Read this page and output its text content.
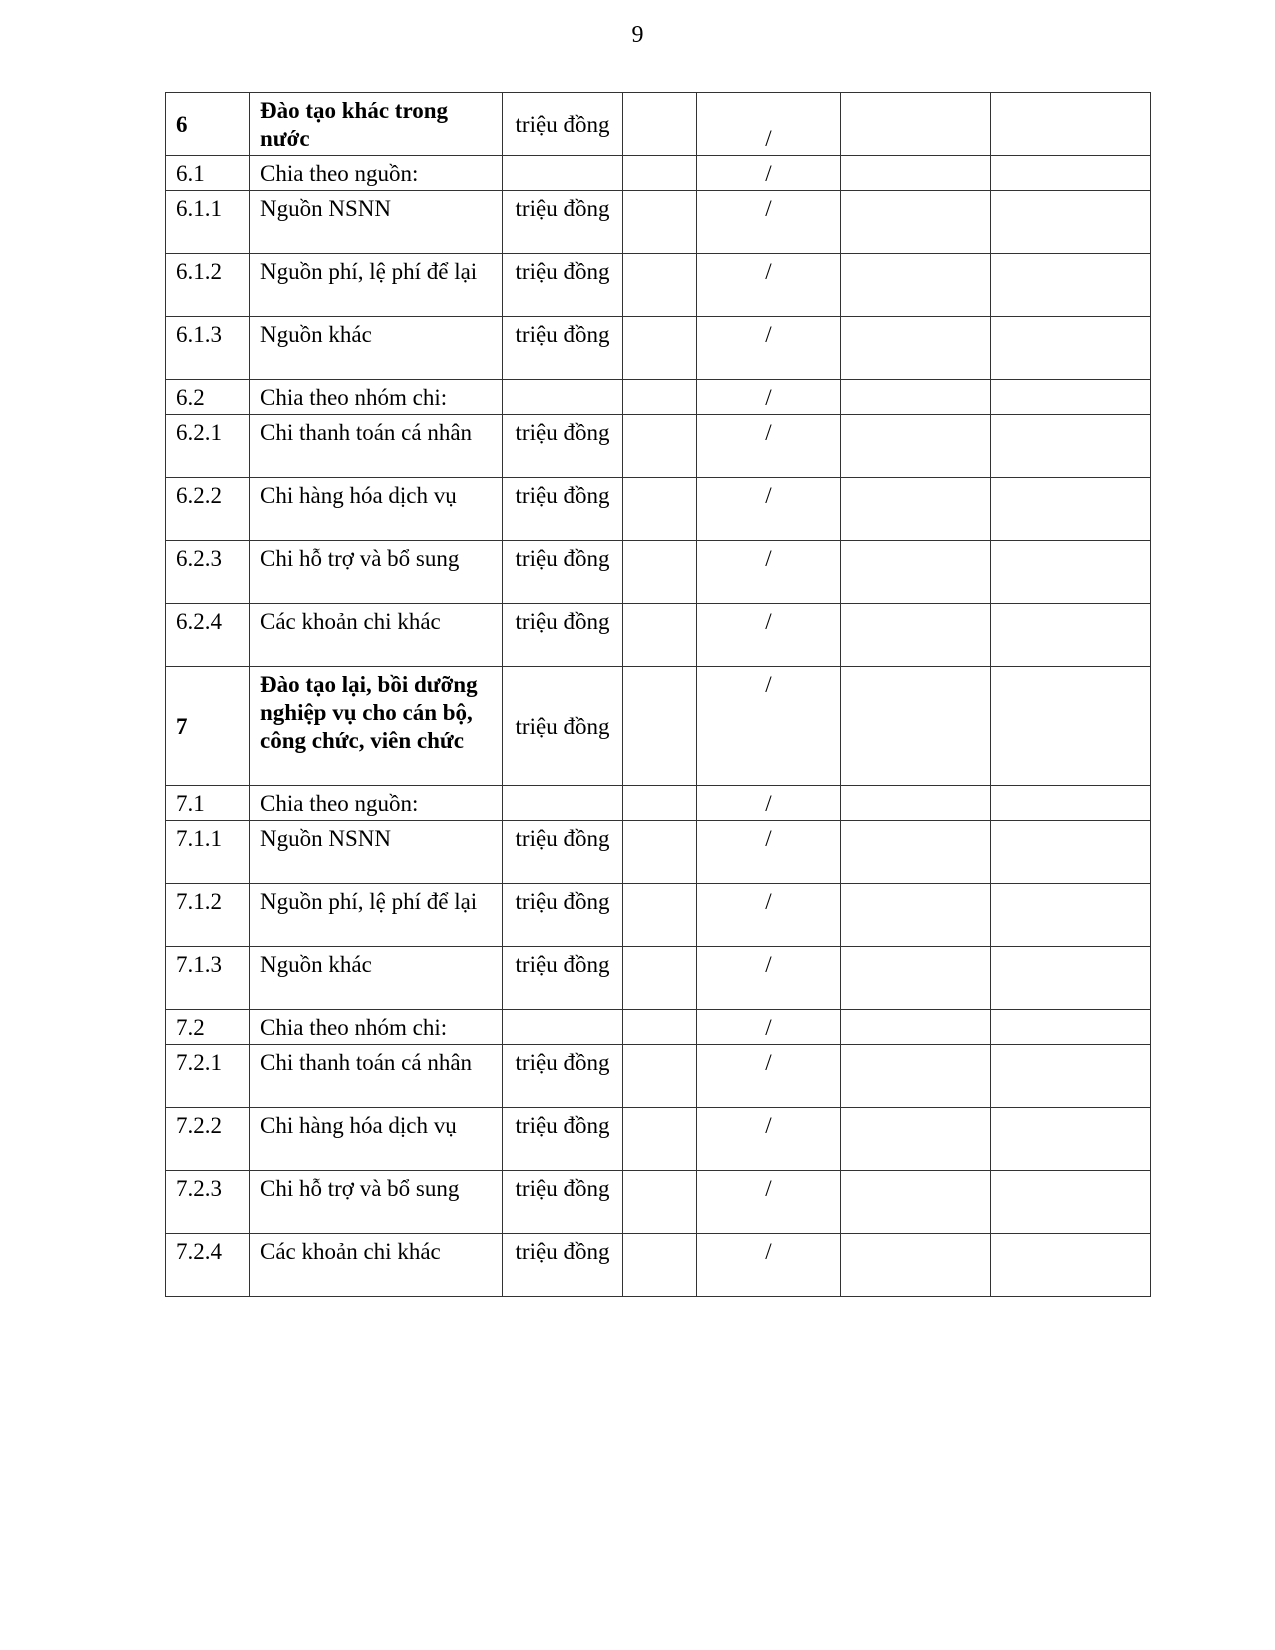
9
6	Đào tạo khác trong nước	triệu đồng		/		
6.1	Chia theo nguồn:			/		
6.1.1	Nguồn NSNN	triệu đồng		/		
6.1.2	Nguồn phí, lệ phí để lại	triệu đồng		/		
6.1.3	Nguồn khác	triệu đồng		/		
6.2	Chia theo nhóm chi:			/		
6.2.1	Chi thanh toán cá nhân	triệu đồng		/		
6.2.2	Chi hàng hóa dịch vụ	triệu đồng		/		
6.2.3	Chi hỗ trợ và bổ sung	triệu đồng		/		
6.2.4	Các khoản chi khác	triệu đồng		/		
7	Đào tạo lại, bồi dưỡng nghiệp vụ cho cán bộ, công chức, viên chức	triệu đồng		/		
7.1	Chia theo nguồn:			/		
7.1.1	Nguồn NSNN	triệu đồng		/		
7.1.2	Nguồn phí, lệ phí để lại	triệu đồng		/		
7.1.3	Nguồn khác	triệu đồng		/		
7.2	Chia theo nhóm chi:			/		
7.2.1	Chi thanh toán cá nhân	triệu đồng		/		
7.2.2	Chi hàng hóa dịch vụ	triệu đồng		/		
7.2.3	Chi hỗ trợ và bổ sung	triệu đồng		/		
7.2.4	Các khoản chi khác	triệu đồng		/		
